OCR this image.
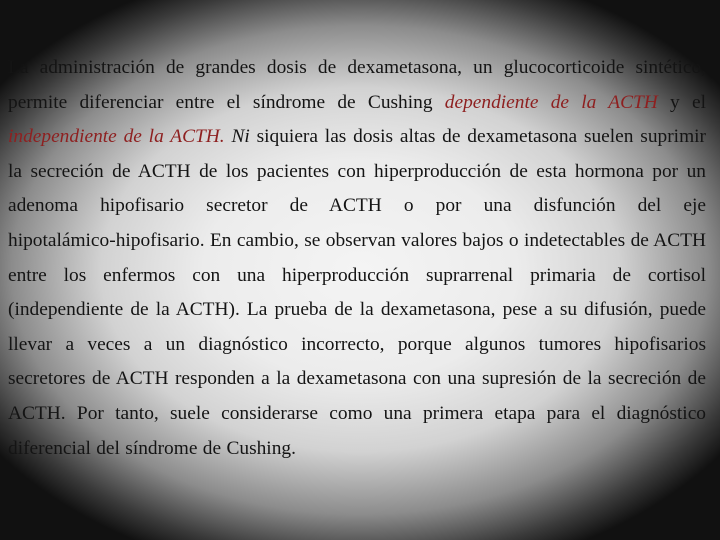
La administración de grandes dosis de dexametasona, un glucocorticoide sintético, permite diferenciar entre el síndrome de Cushing dependiente de la ACTH y el independiente de la ACTH. Ni siquiera las dosis altas de dexametasona suelen suprimir la secreción de ACTH de los pacientes con hiperproducción de esta hormona por un adenoma hipofisario secretor de ACTH o por una disfunción del eje hipotalámico‑hipofisario. En cambio, se observan valores bajos o indetectables de ACTH entre los enfermos con una hiperproducción suprarrenal primaria de cortisol (independiente de la ACTH). La prueba de la dexametasona, pese a su difusión, puede llevar a veces a un diagnóstico incorrecto, porque algunos tumores hipofisarios secretores de ACTH responden a la dexametasona con una supresión de la secreción de ACTH. Por tanto, suele considerarse como una primera etapa para el diagnóstico diferencial del síndrome de Cushing.
